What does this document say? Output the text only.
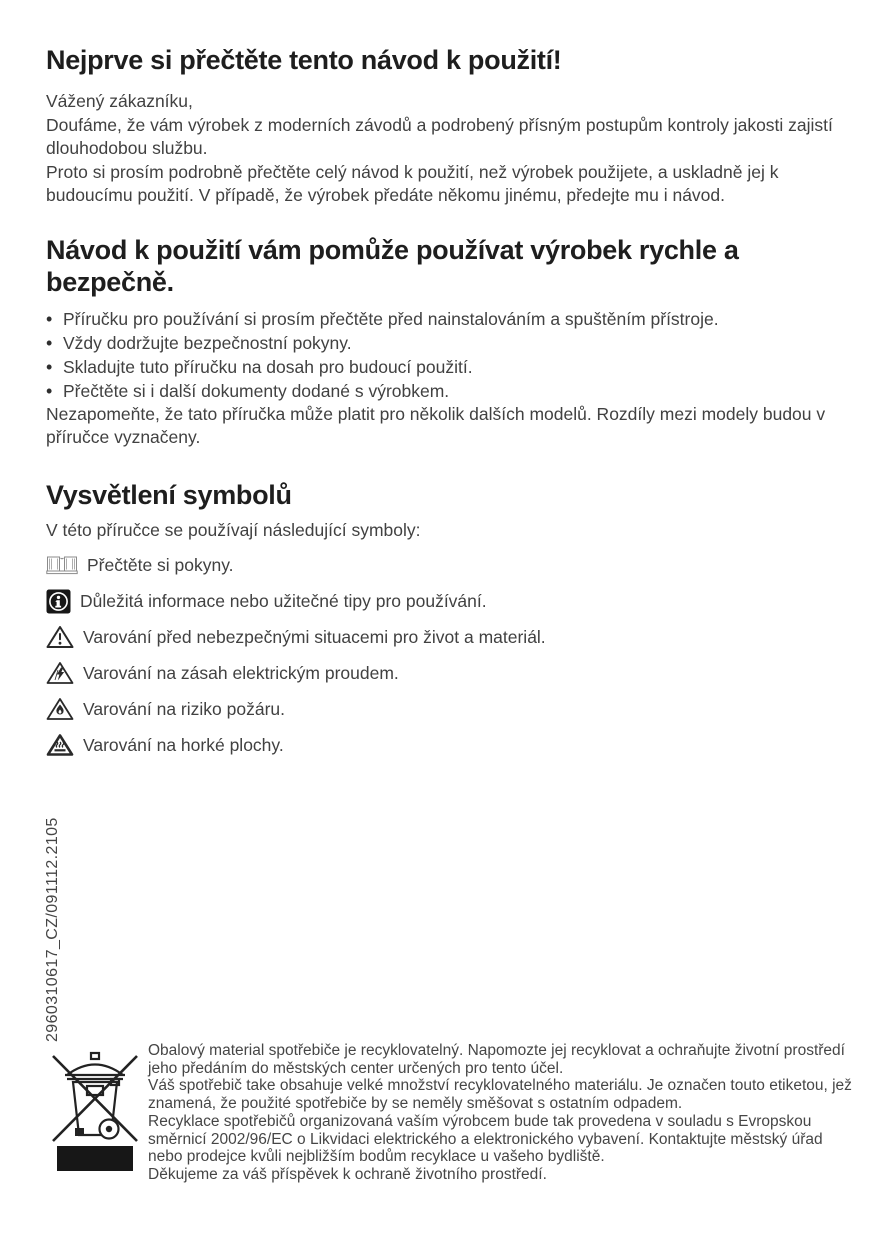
Nejprve si přečtěte tento návod k použití!

Vážený zákazníku,

Doufáme, že vám výrobek z moderních závodů a podrobený přísným postupům kontroly jakosti zajistí dlouhodobou službu.

Proto si prosím podrobně přečtěte celý návod k použití, než výrobek použijete, a uskladně jej k budoucímu použití. V případě, že výrobek předáte někomu jinému, předejte mu i návod.

Návod k použití vám pomůže používat výrobek rychle a bezpečně.
• Příručku pro používání si prosím přečtěte před nainstalováním a spuštěním přístroje.
• Vždy dodržujte bezpečnostní pokyny.
• Skladujte tuto příručku na dosah pro budoucí použití.
• Přečtěte si i další dokumenty dodané s výrobkem.

Nezapomeňte, že tato příručka může platit pro několik dalších modelů. Rozdíly mezi modely budou v příručce vyznačeny.

Vysvětlení symbolů

V této příručce se používají následující symboly:

Přečtěte si pokyny.
Důležitá informace nebo užitečné tipy pro používání.
Varování před nebezpečnými situacemi pro život a materiál.
Varování na zásah elektrickým proudem.
Varování na riziko požáru.
Varování na horké plochy.
2960310617_CZ/091112.2105

Obalový material spotřebiče je recyklovatelný. Napomozte jej recyklovat a ochraňujte životní prostředí jeho předáním do městských center určených pro tento účel.

Váš spotřebič take obsahuje velké množství recyklovatelného materiálu. Je označen touto etiketou, jež znamená, že použité spotřebiče by se neměly směšovat s ostatním odpadem.

Recyklace spotřebičů organizovaná vaším výrobcem bude tak provedena v souladu s Evropskou směrnicí 2002/96/EC o Likvidaci elektrického a elektronického vybavení. Kontaktujte městský úřad nebo prodejce kvůli nejbližším bodům recyklace u vašeho bydliště.

Děkujeme za váš příspěvek k ochraně životního prostředí.
